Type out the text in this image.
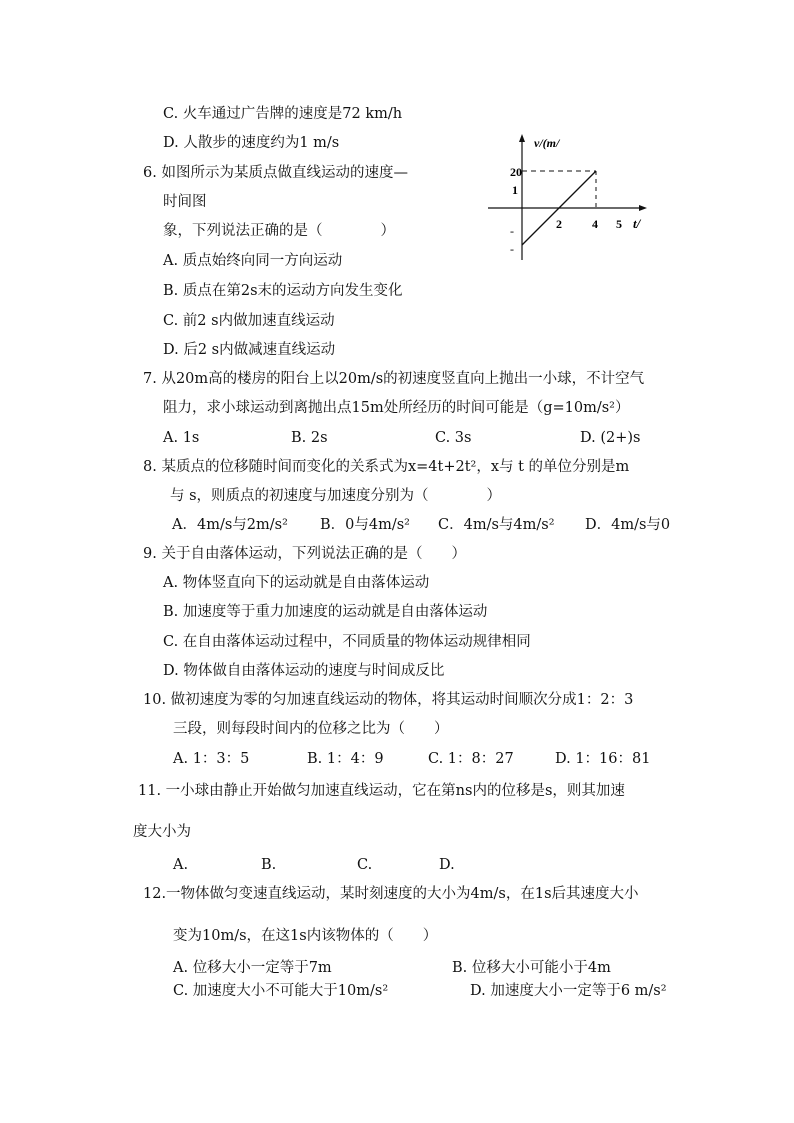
C. 火车通过广告牌的速度是72 km/h
D. 人散步的速度约为1 m/s
6. 如图所示为某质点做直线运动的速度—
时间图
象，下列说法正确的是（　　　　）
A. 质点始终向同一方向运动
B. 质点在第2s末的运动方向发生变化
C. 前2 s内做加速直线运动
D. 后2 s内做减速直线运动
v/(m/
t/
20
1
-
-
2	4 5
7. 从20m高的楼房的阳台上以20m/s的初速度竖直向上抛出一小球，不计空气
阻力，求小球运动到离抛出点15m处所经历的时间可能是（g=10m/s²）
A. 1s	B. 2s	C. 3s	D. (2+)s
8. 某质点的位移随时间而变化的关系式为x=4t+2t²，x与 t 的单位分别是m
与 s，则质点的初速度与加速度分别为（　　　　）
A．4m/s与2m/s² B．0与4m/s² C．4m/s与4m/s² D．4m/s与0
9. 关于自由落体运动，下列说法正确的是（　　）
A. 物体竖直向下的运动就是自由落体运动
B. 加速度等于重力加速度的运动就是自由落体运动
C. 在自由落体运动过程中，不同质量的物体运动规律相同
D. 物体做自由落体运动的速度与时间成反比
10. 做初速度为零的匀加速直线运动的物体，将其运动时间顺次分成1：2：3
三段，则每段时间内的位移之比为（　　）
A. 1：3：5	B. 1：4：9	C. 1：8：27	D. 1：16：81
11. 一小球由静止开始做匀加速直线运动，它在第ns内的位移是s，则其加速
度大小为
A.	B.	C.	D.
12.一物体做匀变速直线运动，某时刻速度的大小为4m/s，在1s后其速度大小
变为10m/s，在这1s内该物体的（　　）
A. 位移大小一定等于7m	B. 位移大小可能小于4m
C. 加速度大小不可能大于10m/s²	D. 加速度大小一定等于6 m/s²
